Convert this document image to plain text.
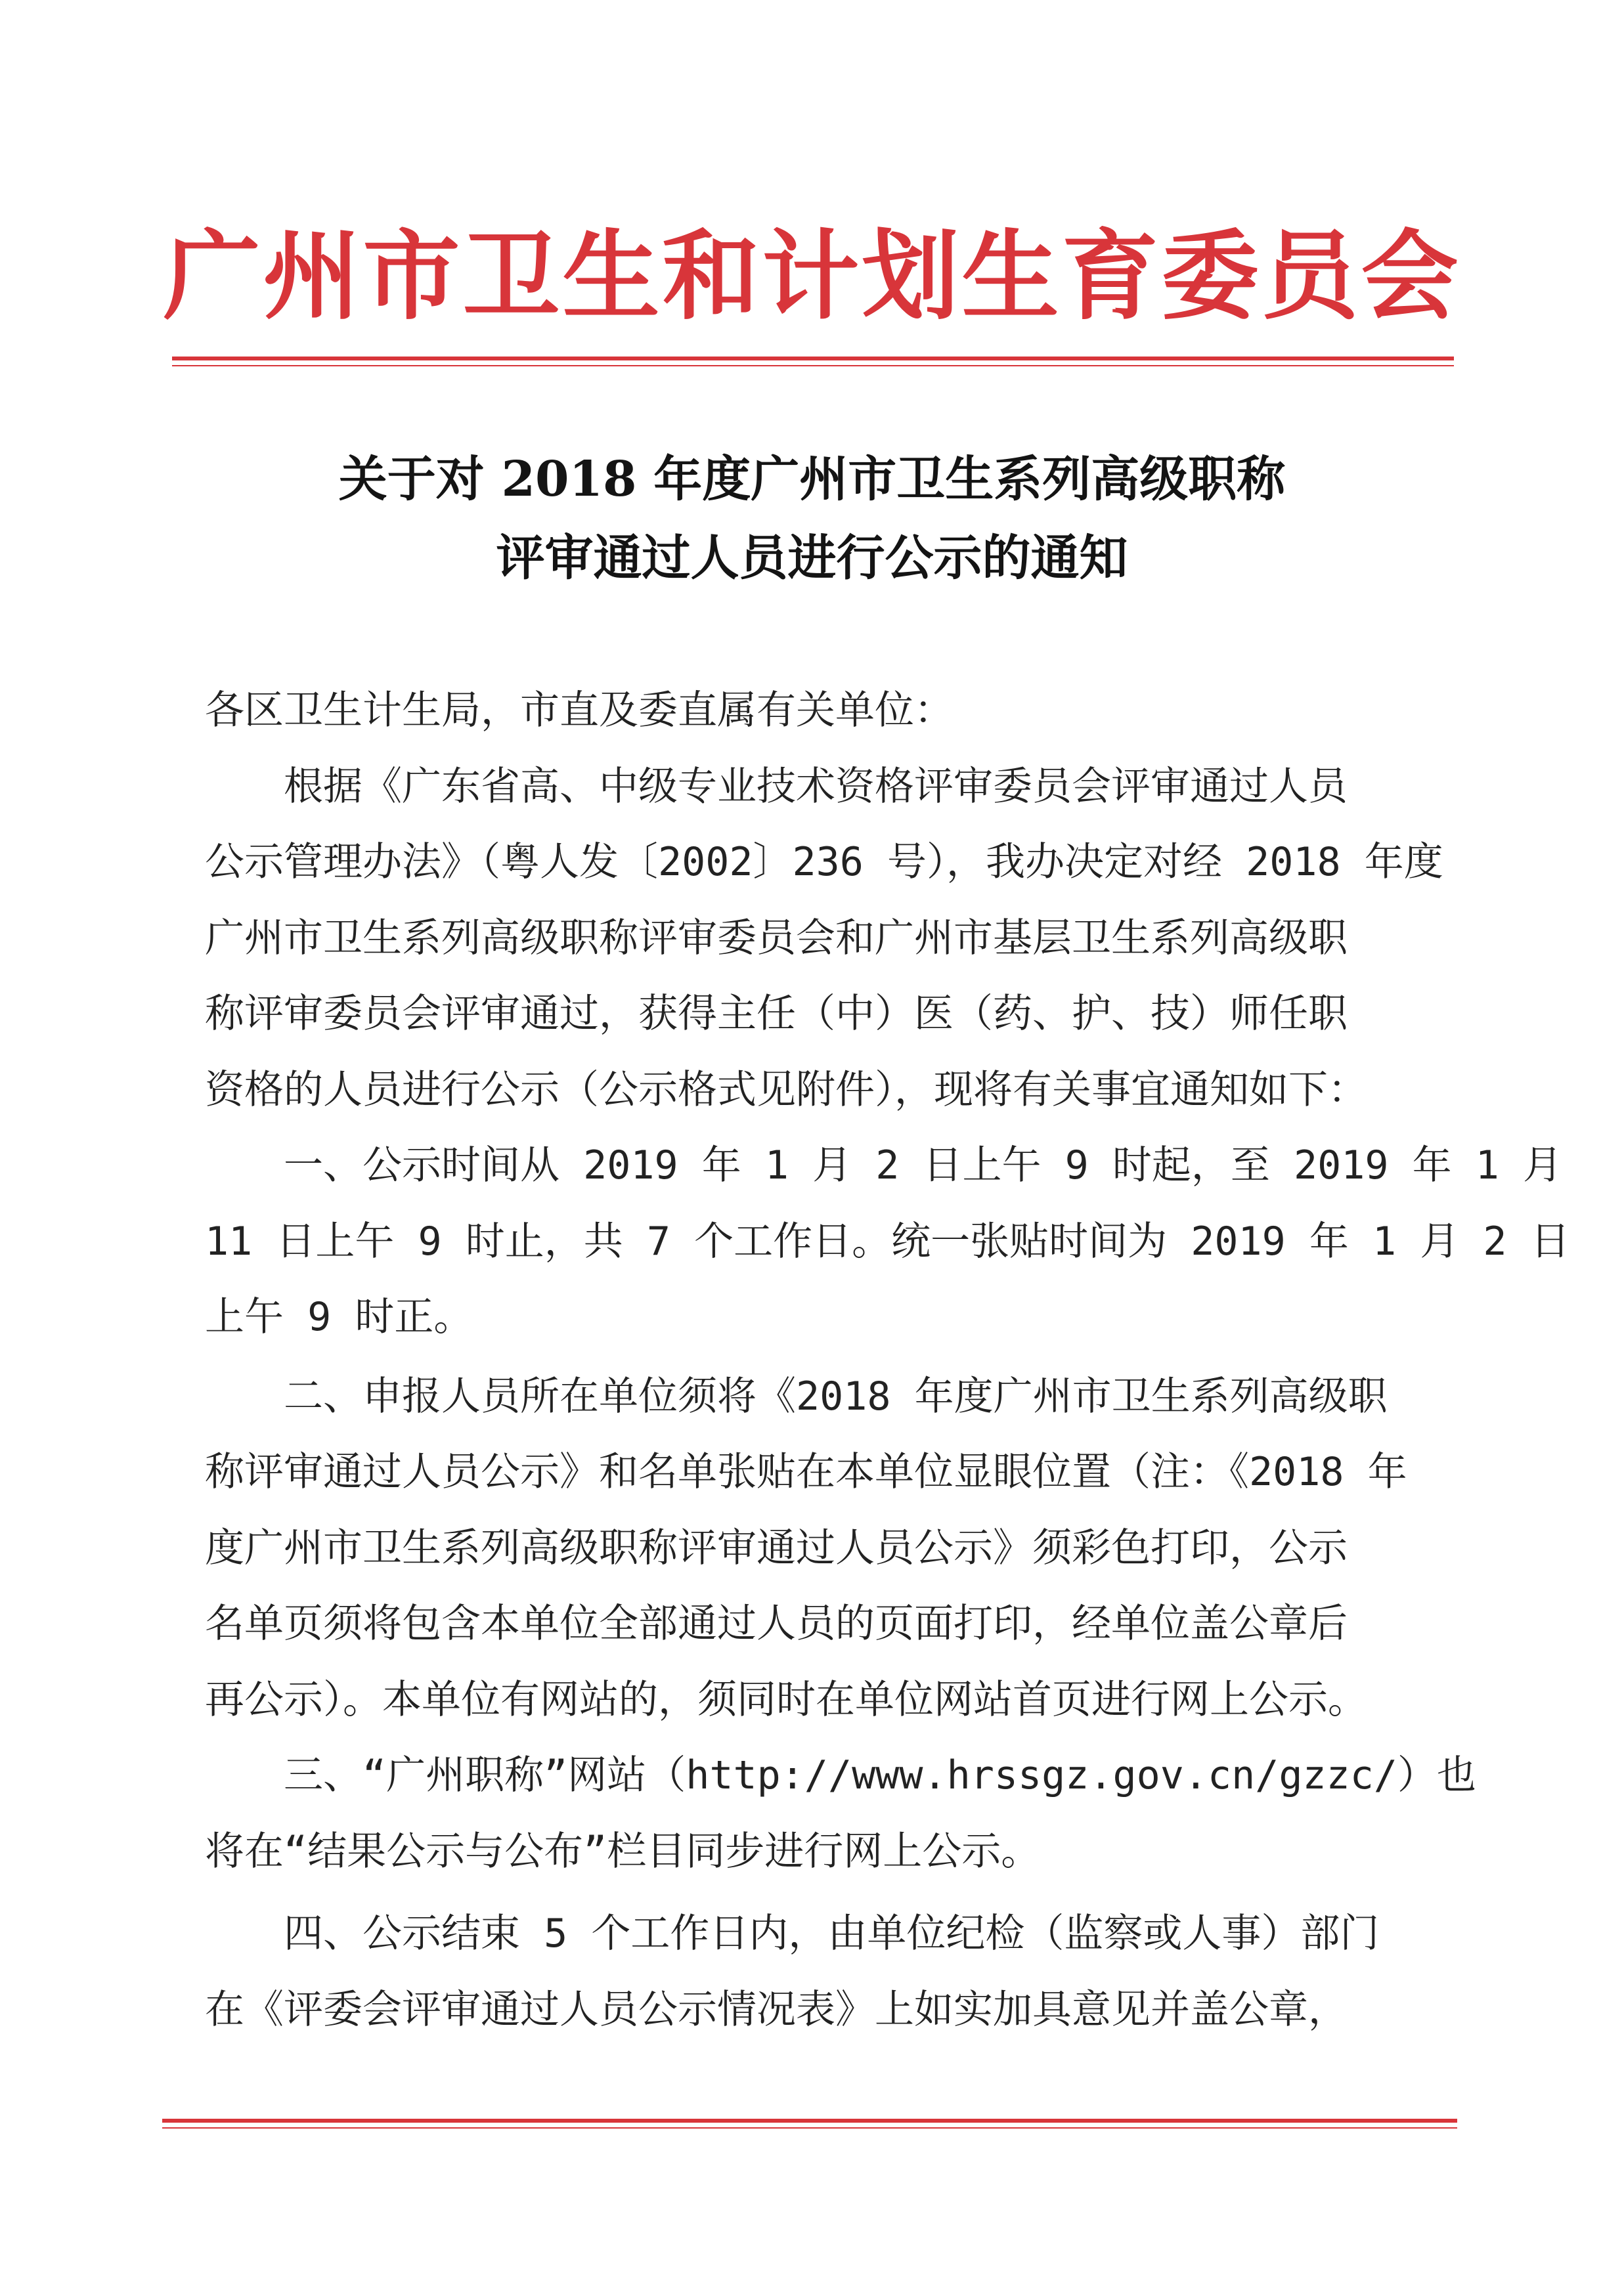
广州市卫生和计划生育委员会
关于对 2018 年度广州市卫生系列高级职称
评审通过人员进行公示的通知

各区卫生计生局，市直及委直属有关单位：

　　根据《广东省高、中级专业技术资格评审委员会评审通过人员

公示管理办法》（粤人发〔2002〕236 号），我办决定对经 2018 年度

广州市卫生系列高级职称评审委员会和广州市基层卫生系列高级职

称评审委员会评审通过，获得主任（中）医（药、护、技）师任职

资格的人员进行公示（公示格式见附件），现将有关事宜通知如下：

　　一、公示时间从 2019 年 1 月 2 日上午 9 时起，至 2019 年 1 月

11 日上午 9 时止，共 7 个工作日。统一张贴时间为 2019 年 1 月 2 日

上午 9 时正。

　　二、申报人员所在单位须将《2018 年度广州市卫生系列高级职

称评审通过人员公示》和名单张贴在本单位显眼位置（注：《2018 年

度广州市卫生系列高级职称评审通过人员公示》须彩色打印，公示

名单页须将包含本单位全部通过人员的页面打印，经单位盖公章后

再公示）。本单位有网站的，须同时在单位网站首页进行网上公示。

　　三、“广州职称”网站（http://www.hrssgz.gov.cn/gzzc/）也

将在“结果公示与公布”栏目同步进行网上公示。

　　四、公示结束 5 个工作日内，由单位纪检（监察或人事）部门

在《评委会评审通过人员公示情况表》上如实加具意见并盖公章，
